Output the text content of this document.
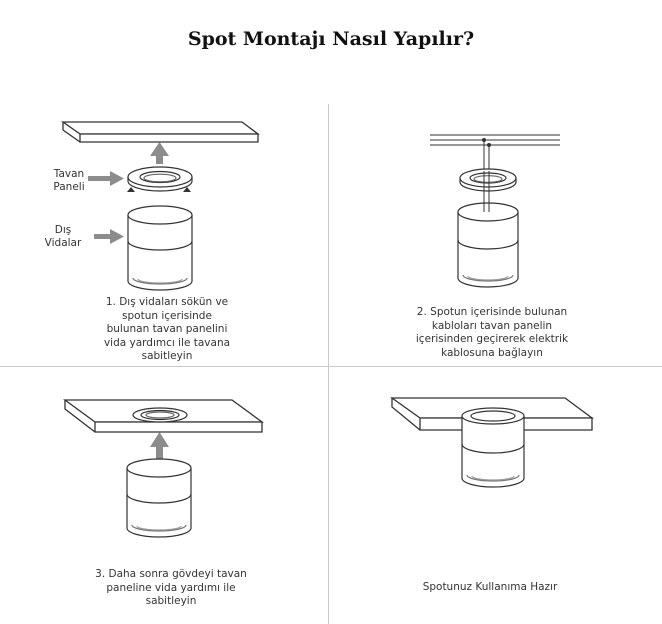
Spot Montajı Nasıl Yapılır?
Tavan
Paneli
Dış
Vidalar
1. Dış vidaları sökün ve
spotun içerisinde
bulunan tavan panelini
vida yardımcı ile tavana
sabitleyin
2. Spotun içerisinde bulunan
kabloları tavan panelin
içerisinden geçirerek elektrik
kablosuna bağlayın
3. Daha sonra gövdeyi tavan
paneline vida yardımı ile
sabitleyin
Spotunuz Kullanıma Hazır
